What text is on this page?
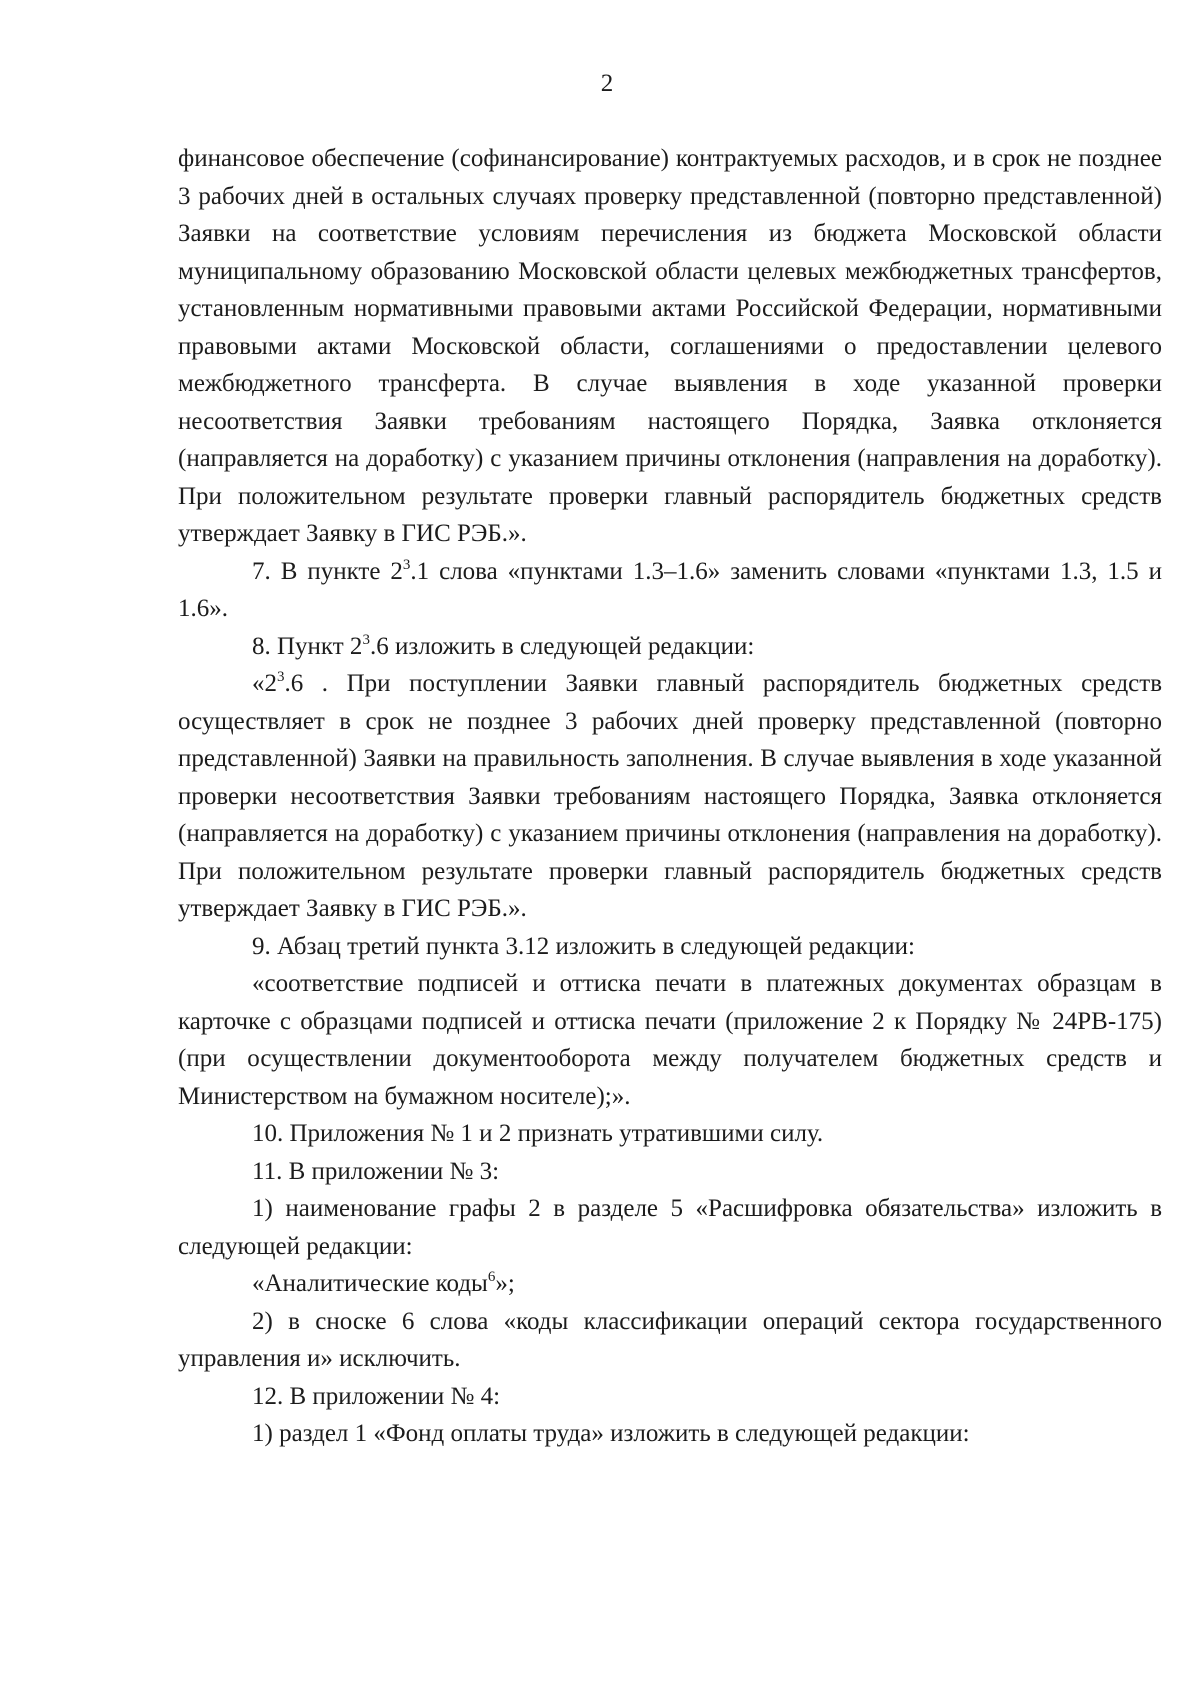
2

финансовое обеспечение (софинансирование) контрактуемых расходов, и в срок не позднее 3 рабочих дней в остальных случаях проверку представленной (повторно представленной) Заявки на соответствие условиям перечисления из бюджета Московской области муниципальному образованию Московской области целевых межбюджетных трансфертов, установленным нормативными правовыми актами Российской Федерации, нормативными правовыми актами Московской области, соглашениями о предоставлении целевого межбюджетного трансферта. В случае выявления в ходе указанной проверки несоответствия Заявки требованиям настоящего Порядка, Заявка отклоняется (направляется на доработку) с указанием причины отклонения (направления на доработку). При положительном результате проверки главный распорядитель бюджетных средств утверждает Заявку в ГИС РЭБ.».

7. В пункте $2^3.1$ слова «пунктами 1.3–1.6» заменить словами «пунктами 1.3, 1.5 и 1.6».

8. Пункт $2^3.6$ изложить в следующей редакции:

«$2^3.6$ . При поступлении Заявки главный распорядитель бюджетных средств осуществляет в срок не позднее 3 рабочих дней проверку представленной (повторно представленной) Заявки на правильность заполнения. В случае выявления в ходе указанной проверки несоответствия Заявки требованиям настоящего Порядка, Заявка отклоняется (направляется на доработку) с указанием причины отклонения (направления на доработку). При положительном результате проверки главный распорядитель бюджетных средств утверждает Заявку в ГИС РЭБ.».

9. Абзац третий пункта 3.12 изложить в следующей редакции:

«соответствие подписей и оттиска печати в платежных документах образцам в карточке с образцами подписей и оттиска печати (приложение 2 к Порядку № 24РВ-175) (при осуществлении документооборота между получателем бюджетных средств и Министерством на бумажном носителе);».

10. Приложения № 1 и 2 признать утратившими силу.

11. В приложении № 3:

1) наименование графы 2 в разделе 5 «Расшифровка обязательства» изложить в следующей редакции:

«Аналитические коды$^6$»;

2) в сноске 6 слова «коды классификации операций сектора государственного управления и» исключить.

12. В приложении № 4:

1) раздел 1 «Фонд оплаты труда» изложить в следующей редакции:
